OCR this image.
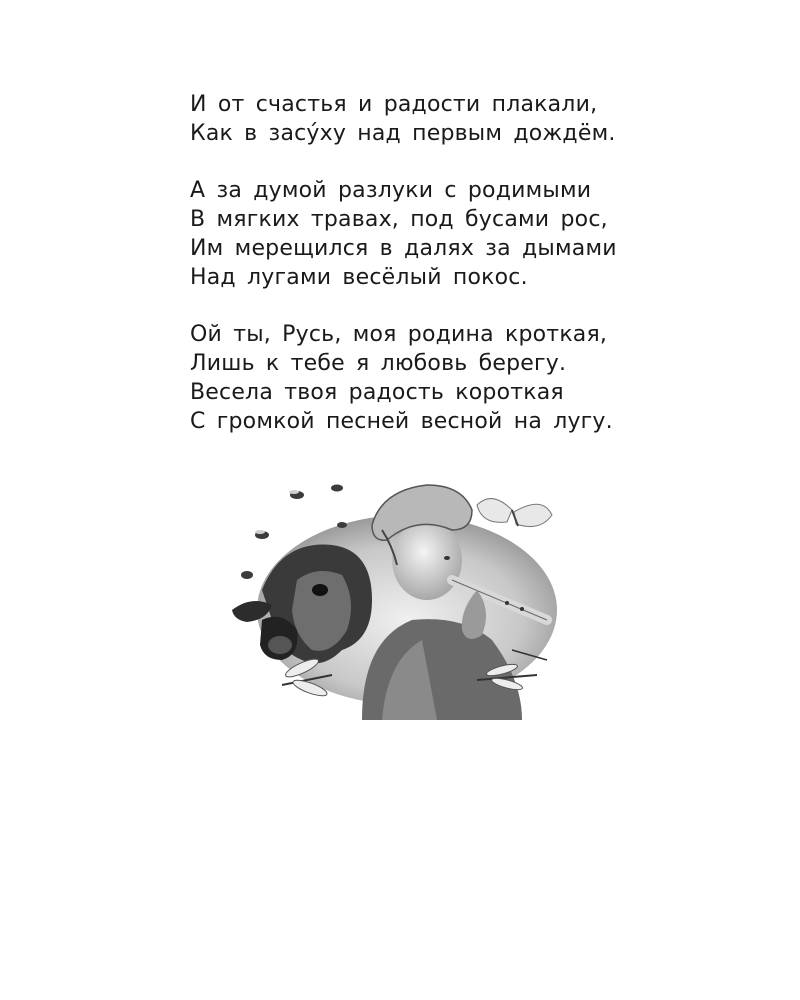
И от счастья и радости плакали,
Как в засу́ху над первым дождём.
А за думой разлуки с родимыми
В мягких травах, под бусами рос,
Им мерещился в далях за дымами
Над лугами весёлый покос.
Ой ты, Русь, моя родина кроткая,
Лишь к тебе я любовь берегу.
Весела твоя радость короткая
С громкой песней весной на лугу.
